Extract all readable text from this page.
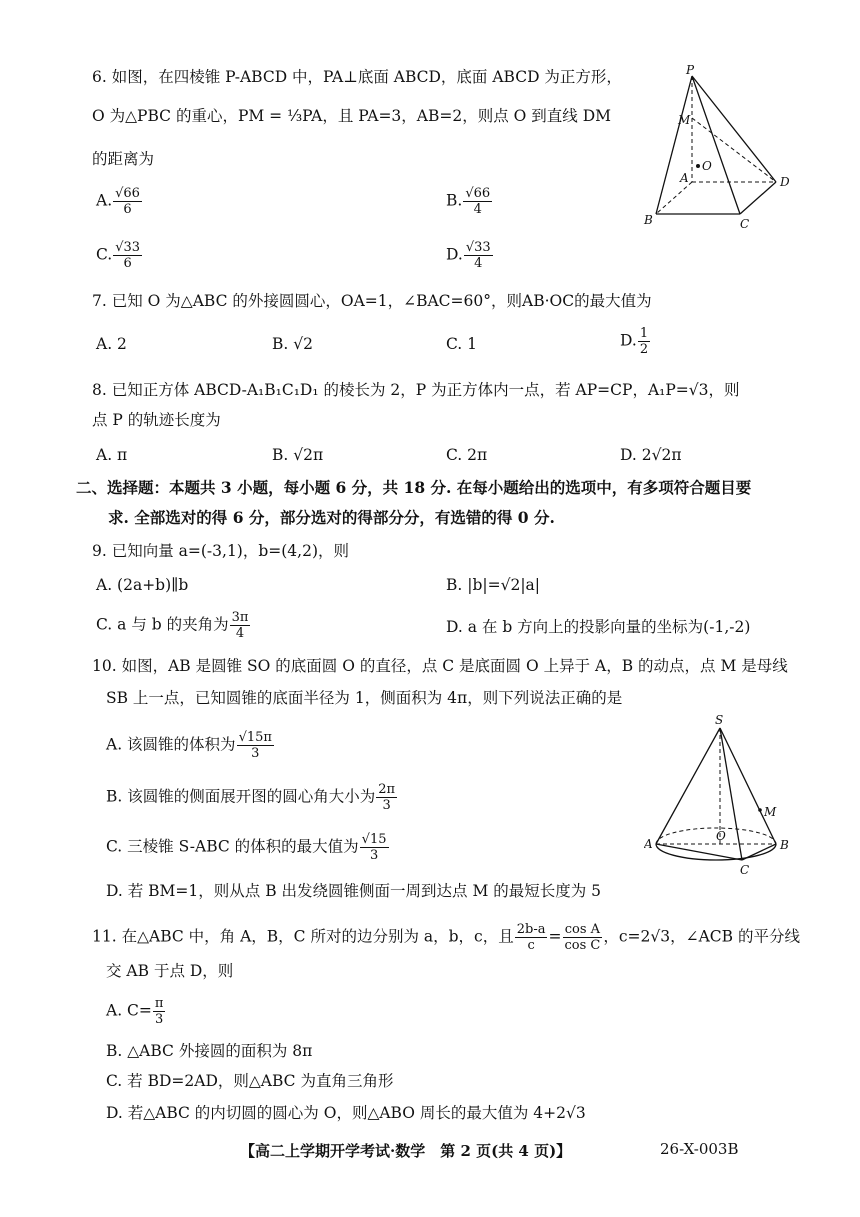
6. 如图，在四棱锥 P-ABCD 中，PA⊥底面 ABCD，底面 ABCD 为正方形，
O 为△PBC 的重心，PM = ⅓PA，且 PA=3，AB=2，则点 O 到直线 DM
的距离为
A. $\frac{√66}{6}$	B. $\frac{√66}{4}$
C. $\frac{√33}{6}$	D. $\frac{√33}{4}$
P
M
O
A
B	C
D
7. 已知 O 为△ABC 的外接圆圆心，OA=1，∠BAC=60°，则AB·OC的最大值为
A. 2	B. √2	C. 1	D. $\frac{1}{2}$
8. 已知正方体 ABCD-A₁B₁C₁D₁ 的棱长为 2，P 为正方体内一点，若 AP=CP，A₁P=√3，则
点 P 的轨迹长度为
A. π	B. √2π	C. 2π	D. 2√2π
二、选择题：本题共 3 小题，每小题 6 分，共 18 分. 在每小题给出的选项中，有多项符合题目要
求. 全部选对的得 6 分，部分选对的得部分分，有选错的得 0 分.
9. 已知向量 a=(-3,1)，b=(4,2)，则
A. (2a+b)∥b	B. |b|=√2|a|
C. a 与 b 的夹角为 $\frac{3\pi}{4}$	D. a 在 b 方向上的投影向量的坐标为(-1,-2)
10. 如图，AB 是圆锥 SO 的底面圆 O 的直径，点 C 是底面圆 O 上异于 A，B 的动点，点 M 是母线
SB 上一点，已知圆锥的底面半径为 1，侧面积为 4π，则下列说法正确的是
A. 该圆锥的体积为 $\frac{√15\pi}{3}$
B. 该圆锥的侧面展开图的圆心角大小为 $\frac{2\pi}{3}$
C. 三棱锥 S-ABC 的体积的最大值为 $\frac{√15}{3}$
D. 若 BM=1，则从点 B 出发绕圆锥侧面一周到达点 M 的最短长度为 5
S
M
O
A	B
C
11. 在△ABC 中，角 A，B，C 所对的边分别为 a，b，c，且 $\frac{2b-a}{c} = \frac{\text{cos A}}{\text{cos C}}$ ，c=2√3，∠ACB 的平分线
交 AB 于点 D，则
A. $C= \frac{\pi}{3}$
B. △ABC 外接圆的面积为 8π
C. 若 BD=2AD，则△ABC 为直角三角形
D. 若△ABC 的内切圆的圆心为 O，则△ABO 周长的最大值为 4+2√3
【高二上学期开学考试·数学　第 2 页(共 4 页)】	26-X-003B
